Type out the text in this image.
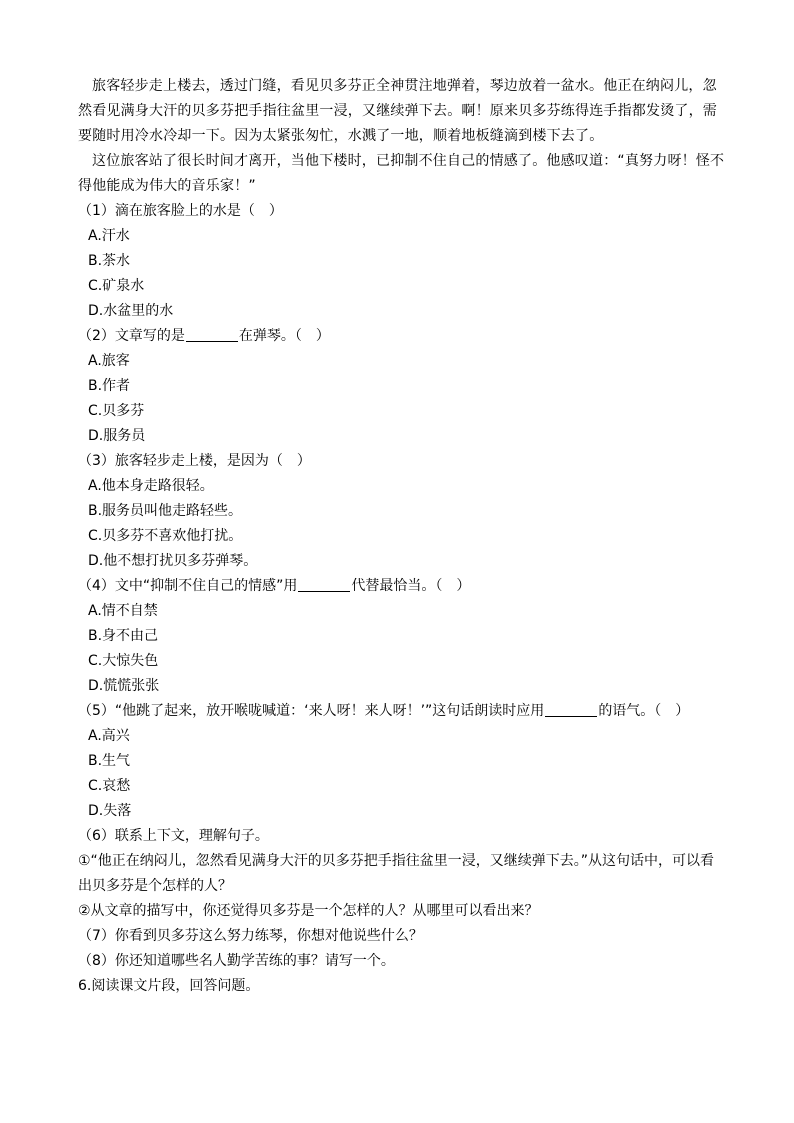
旅客轻步走上楼去，透过门缝，看见贝多芬正全神贯注地弹着，琴边放着一盆水。他正在纳闷儿，忽然看见满身大汗的贝多芬把手指往盆里一浸，又继续弹下去。啊！原来贝多芬练得连手指都发烫了，需要随时用冷水冷却一下。因为太紧张匆忙，水溅了一地，顺着地板缝滴到楼下去了。

这位旅客站了很长时间才离开，当他下楼时，已抑制不住自己的情感了。他感叹道：“真努力呀！怪不得他能成为伟大的音乐家！”

（1）滴在旅客脸上的水是（　）

A.汗水

B.茶水

C.矿泉水

D.水盆里的水

（2）文章写的是	在弹琴。（　）

A.旅客

B.作者

C.贝多芬

D.服务员

（3）旅客轻步走上楼，是因为（　）

A.他本身走路很轻。

B.服务员叫他走路轻些。

C.贝多芬不喜欢他打扰。

D.他不想打扰贝多芬弹琴。

（4）文中“抑制不住自己的情感”用	代替最恰当。（　）

A.情不自禁

B.身不由己

C.大惊失色

D.慌慌张张

（5）“他跳了起来，放开喉咙喊道：‘来人呀！来人呀！’”这句话朗读时应用	的语气。（　）

A.高兴

B.生气

C.哀愁

D.失落

（6）联系上下文，理解句子。

①“他正在纳闷儿，忽然看见满身大汗的贝多芬把手指往盆里一浸，又继续弹下去。”从这句话中，可以看

出贝多芬是个怎样的人？

②从文章的描写中，你还觉得贝多芬是一个怎样的人？从哪里可以看出来？

（7）你看到贝多芬这么努力练琴，你想对他说些什么？

（8）你还知道哪些名人勤学苦练的事？请写一个。

6.阅读课文片段，回答问题。
